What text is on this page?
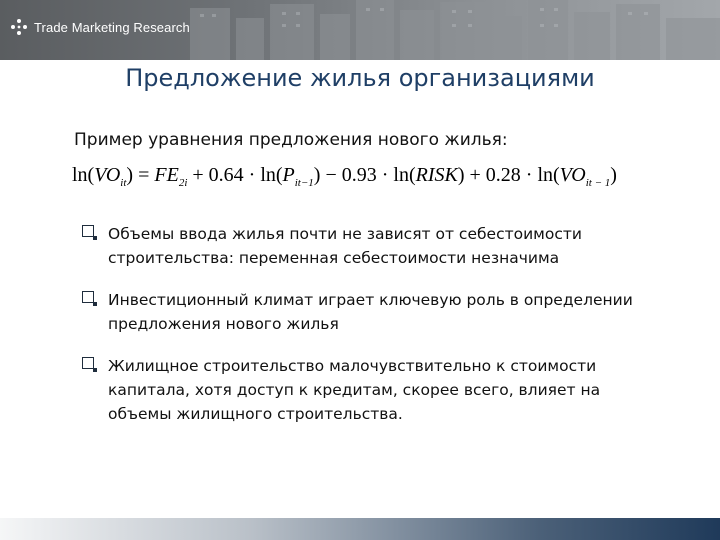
Trade Marketing Research
Предложение жилья организациями
Пример уравнения предложения нового жилья:
$\ln(VO_{it}) = FE_{2i} + 0.64 \cdot \ln(P_{it-1}) - 0.93$ · ln(RISK) + $0.28 \cdot \ln(VO_{it - 1})$
Объемы ввода жилья почти не зависят от себестоимости строительства: переменная себестоимости незначима
Инвестиционный климат играет ключевую роль в определении предложения нового жилья
Жилищное строительство малочувствительно к стоимости капитала, хотя доступ к кредитам, скорее всего, влияет на объемы жилищного строительства.
